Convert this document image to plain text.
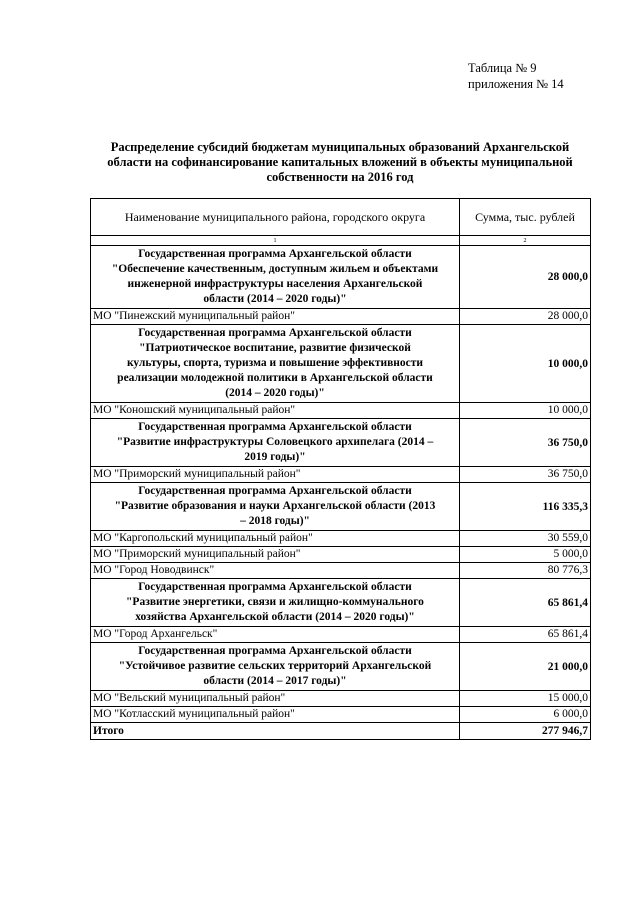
Таблица № 9
приложения № 14
Распределение субсидий бюджетам муниципальных образований Архангельской
области на софинансирование капитальных вложений в объекты муниципальной
собственности на 2016 год
Наименование муниципального района, городского округа	Сумма, тыс. рублей
1	2

Государственная программа Архангельской области
"Обеспечение качественным, доступным жильем и объектами
инженерной инфраструктуры населения Архангельской
области (2014 – 2020 годы)"	28 000,0
МО "Пинежский муниципальный район"	28 000,0

Государственная программа Архангельской области
"Патриотическое воспитание, развитие физической
культуры, спорта, туризма и повышение эффективности
реализации молодежной политики в Архангельской области
(2014 – 2020 годы)"	10 000,0
МО "Коношский муниципальный район"	10 000,0

Государственная программа Архангельской области
"Развитие инфраструктуры Соловецкого архипелага (2014 –
2019 годы)"	36 750,0
МО "Приморский муниципальный район"	36 750,0

Государственная программа Архангельской области
"Развитие образования и науки Архангельской области (2013
– 2018 годы)"	116 335,3
МО "Каргопольский муниципальный район"	30 559,0
МО "Приморский муниципальный район"	5 000,0
МО "Город Новодвинск"	80 776,3

Государственная программа Архангельской области
"Развитие энергетики, связи и жилищно-коммунального
хозяйства Архангельской области (2014 – 2020 годы)"	65 861,4
МО "Город Архангельск"	65 861,4

Государственная программа Архангельской области
"Устойчивое развитие сельских территорий Архангельской
области (2014 – 2017 годы)"	21 000,0
МО "Вельский муниципальный район"	15 000,0
МО "Котласский муниципальный район"	6 000,0
Итого	277 946,7
